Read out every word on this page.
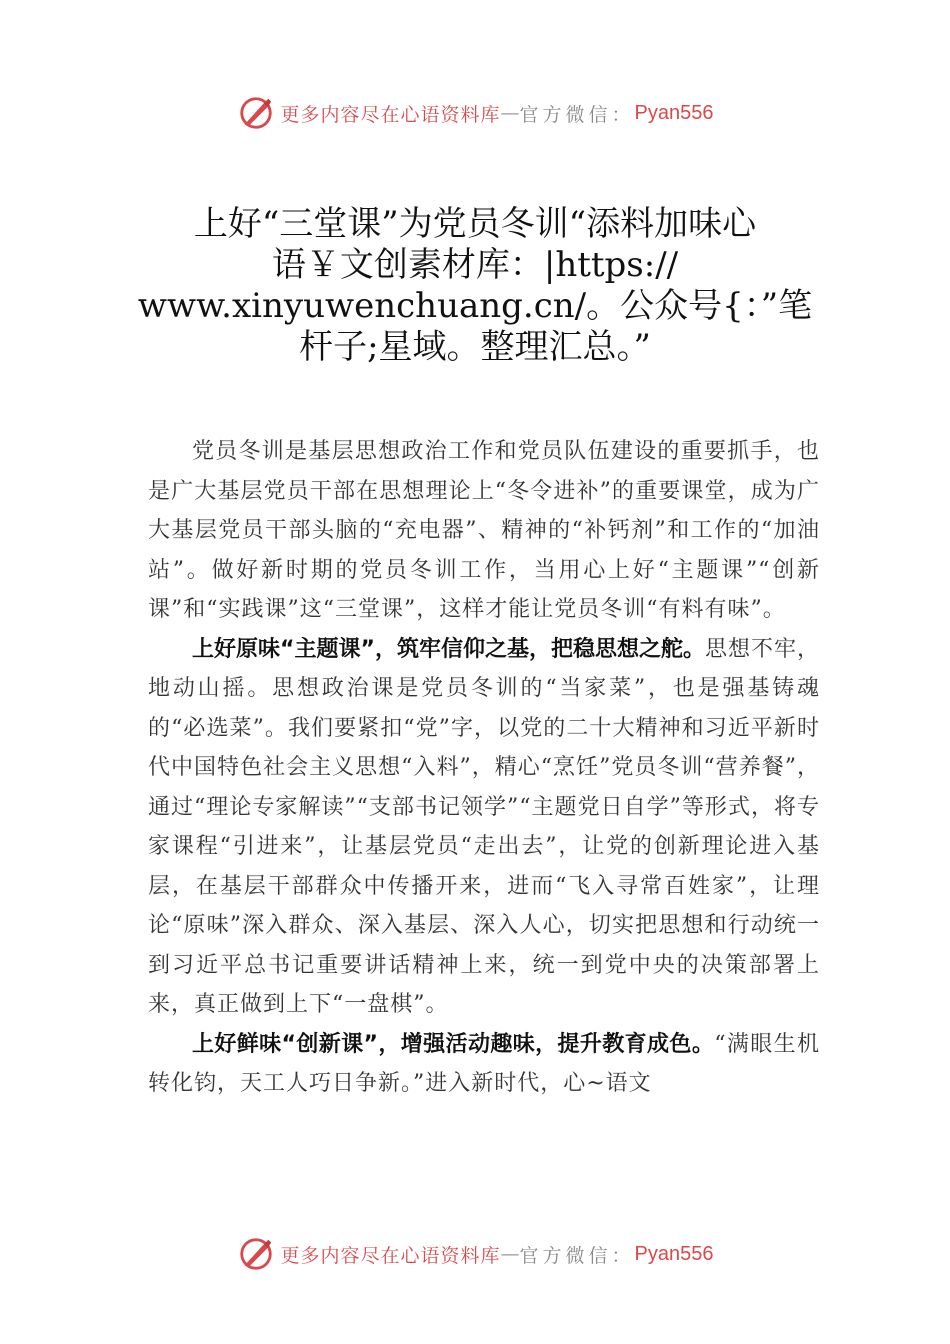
更多内容尽在心语资料库 — 官方微信： Pyan556
上好“三堂课”为党员冬训“添料加味心
语￥文创素材库：|https://
www.xinyuwenchuang.cn/。公众号{：”笔
杆子;星域。整理汇总。”

党员冬训是基层思想政治工作和党员队伍建设的重要抓手，也是广大基层党员干部在思想理论上“冬令进补”的重要课堂，成为广大基层党员干部头脑的“充电器”、精神的“补钙剂”和工作的“加油站”。做好新时期的党员冬训工作，当用心上好“主题课”“创新课”和“实践课”这“三堂课”，这样才能让党员冬训“有料有味”。

上好原味“主题课”，筑牢信仰之基，把稳思想之舵。思想不牢，地动山摇。思想政治课是党员冬训的“当家菜”，也是强基铸魂的“必选菜”。我们要紧扣“党”字，以党的二十大精神和习近平新时代中国特色社会主义思想“入料”，精心“烹饪”党员冬训“营养餐”，通过“理论专家解读”“支部书记领学”“主题党日自学”等形式，将专家课程“引进来”，让基层党员“走出去”，让党的创新理论进入基层，在基层干部群众中传播开来，进而“飞入寻常百姓家”，让理论“原味”深入群众、深入基层、深入人心，切实把思想和行动统一到习近平总书记重要讲话精神上来，统一到党中央的决策部署上来，真正做到上下“一盘棋”。

上好鲜味“创新课”，增强活动趣味，提升教育成色。“满眼生机转化钧，天工人巧日争新。”进入新时代，心~语文

更多内容尽在心语资料库 — 官方微信： Pyan556
